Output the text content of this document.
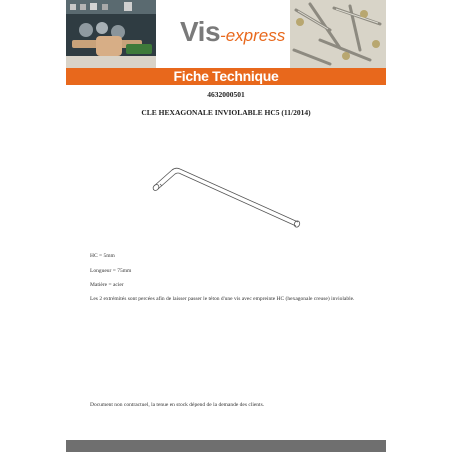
Vis-express
Fiche Technique
4632000501
CLE HEXAGONALE INVIOLABLE HC5 (11/2014)
HC = 5mm
Longueur = 75mm
Matière = acier
Les 2 extrémités sont percées afin de laisser passer le téton d'une vis avec empreinte HC (hexagonale creuse) inviolable.
Document non contractuel, la tenue en stock dépend de la demande des clients.
